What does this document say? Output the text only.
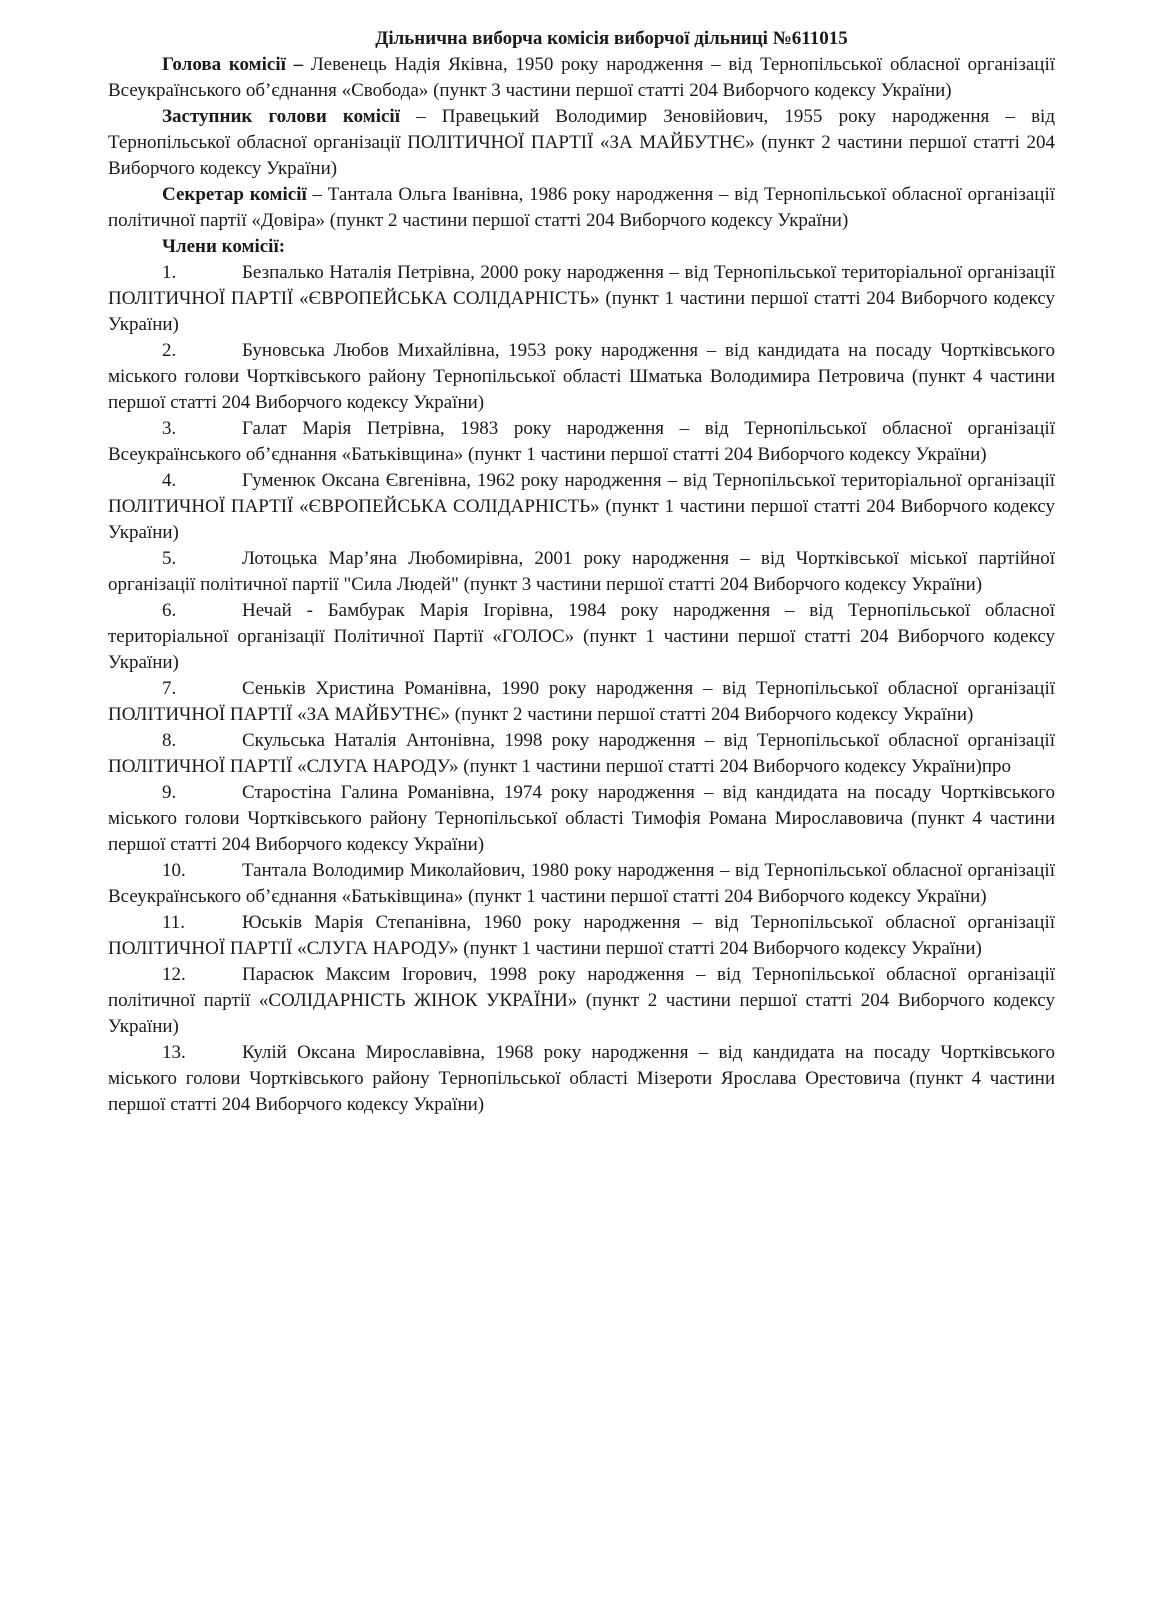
Дільнична виборча комісія виборчої дільниці №611015

Голова комісії – Левенець Надія Яківна, 1950 року народження – від Тернопільської обласної організації Всеукраїнського об’єднання «Свобода» (пункт 3 частини першої статті 204 Виборчого кодексу України)

Заступник голови комісії – Правецький Володимир Зеновійович, 1955 року народження – від Тернопільської обласної організації ПОЛІТИЧНОЇ ПАРТІЇ «ЗА МАЙБУТНЄ» (пункт 2 частини першої статті 204 Виборчого кодексу України)

Секретар комісії – Тантала Ольга Іванівна, 1986 року народження – від Тернопільської обласної організації політичної партії «Довіра» (пункт 2 частини першої статті 204 Виборчого кодексу України)

Члени комісії:

1.	Безпалько Наталія Петрівна, 2000 року народження – від Тернопільської територіальної організації ПОЛІТИЧНОЇ ПАРТІЇ «ЄВРОПЕЙСЬКА СОЛІДАРНІСТЬ» (пункт 1 частини першої статті 204 Виборчого кодексу України)

2.	Буновська Любов Михайлівна, 1953 року народження – від кандидата на посаду Чортківського міського голови Чортківського району Тернопільської області Шматька Володимира Петровича (пункт 4 частини першої статті 204 Виборчого кодексу України)

3.	Галат Марія Петрівна, 1983 року народження – від Тернопільської обласної організації Всеукраїнського об’єднання «Батьківщина» (пункт 1 частини першої статті 204 Виборчого кодексу України)

4.	Гуменюк Оксана Євгенівна, 1962 року народження – від Тернопільської територіальної організації ПОЛІТИЧНОЇ ПАРТІЇ «ЄВРОПЕЙСЬКА СОЛІДАРНІСТЬ» (пункт 1 частини першої статті 204 Виборчого кодексу України)

5.	Лотоцька Мар’яна Любомирівна, 2001 року народження – від Чортківської міської партійної організації політичної партії "Сила Людей" (пункт 3 частини першої статті 204 Виборчого кодексу України)

6.	Нечай - Бамбурак Марія Ігорівна, 1984 року народження – від Тернопільської обласної територіальної організації Політичної Партії «ГОЛОС» (пункт 1 частини першої статті 204 Виборчого кодексу України)

7.	Сеньків Христина Романівна, 1990 року народження – від Тернопільської обласної організації ПОЛІТИЧНОЇ ПАРТІЇ «ЗА МАЙБУТНЄ» (пункт 2 частини першої статті 204 Виборчого кодексу України)

8.	Скульська Наталія Антонівна, 1998 року народження – від Тернопільської обласної організації ПОЛІТИЧНОЇ ПАРТІЇ «СЛУГА НАРОДУ» (пункт 1 частини першої статті 204 Виборчого кодексу України)про

9.	Старостіна Галина Романівна, 1974 року народження – від кандидата на посаду Чортківського міського голови Чортківського району Тернопільської області Тимофія Романа Мирославовича (пункт 4 частини першої статті 204 Виборчого кодексу України)

10.	Тантала Володимир Миколайович, 1980 року народження – від Тернопільської обласної організації Всеукраїнського об’єднання «Батьківщина» (пункт 1 частини першої статті 204 Виборчого кодексу України)

11.	Юськів Марія Степанівна, 1960 року народження – від Тернопільської обласної організації ПОЛІТИЧНОЇ ПАРТІЇ «СЛУГА НАРОДУ» (пункт 1 частини першої статті 204 Виборчого кодексу України)

12.	Парасюк Максим Ігорович, 1998 року народження – від Тернопільської обласної організації політичної партії «СОЛІДАРНІСТЬ ЖІНОК УКРАЇНИ» (пункт 2 частини першої статті 204 Виборчого кодексу України)

13.	Кулій Оксана Мирославівна, 1968 року народження – від кандидата на посаду Чортківського міського голови Чортківського району Тернопільської області Мізероти Ярослава Орестовича (пункт 4 частини першої статті 204 Виборчого кодексу України)
